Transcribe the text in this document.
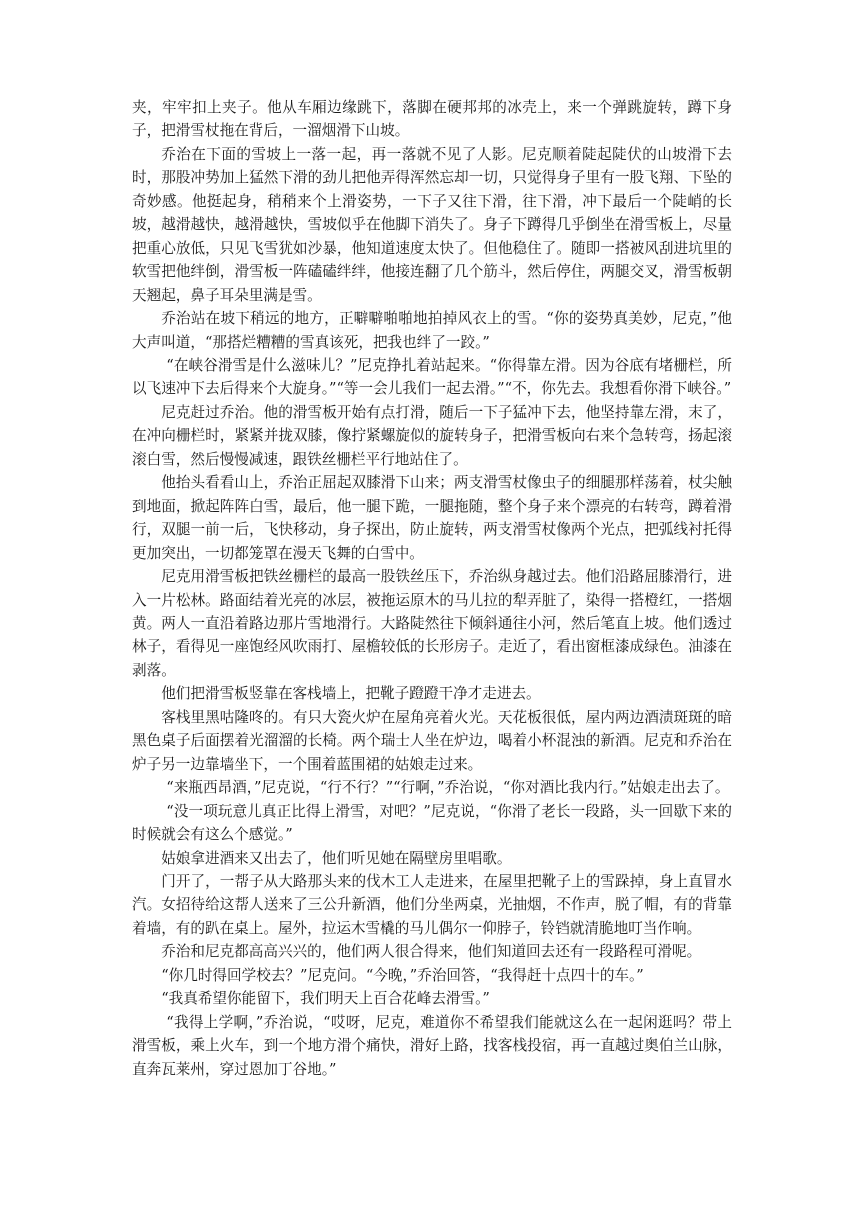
夹，牢牢扣上夹子。他从车厢边缘跳下，落脚在硬邦邦的冰壳上，来一个弹跳旋转，蹲下身子，把滑雪杖拖在背后，一溜烟滑下山坡。

乔治在下面的雪坡上一落一起，再一落就不见了人影。尼克顺着陡起陡伏的山坡滑下去时，那股冲势加上猛然下滑的劲儿把他弄得浑然忘却一切，只觉得身子里有一股飞翔、下坠的奇妙感。他挺起身，稍稍来个上滑姿势，一下子又往下滑，往下滑，冲下最后一个陡峭的长坡，越滑越快，越滑越快，雪坡似乎在他脚下消失了。身子下蹲得几乎倒坐在滑雪板上，尽量把重心放低，只见飞雪犹如沙暴，他知道速度太快了。但他稳住了。随即一搭被风刮进坑里的软雪把他绊倒，滑雪板一阵磕磕绊绊，他接连翻了几个筋斗，然后停住，两腿交叉，滑雪板朝天翘起，鼻子耳朵里满是雪。

乔治站在坡下稍远的地方，正噼噼啪啪地拍掉风衣上的雪。“你的姿势真美妙，尼克，”他大声叫道，“那搭烂糟糟的雪真该死，把我也绊了一跤。”

“在峡谷滑雪是什么滋味儿？”尼克挣扎着站起来。“你得靠左滑。因为谷底有堵栅栏，所以飞速冲下去后得来个大旋身。”“等一会儿我们一起去滑。”“不，你先去。我想看你滑下峡谷。”

尼克赶过乔治。他的滑雪板开始有点打滑，随后一下子猛冲下去，他坚持靠左滑，末了，在冲向栅栏时，紧紧并拢双膝，像拧紧螺旋似的旋转身子，把滑雪板向右来个急转弯，扬起滚滚白雪，然后慢慢减速，跟铁丝栅栏平行地站住了。

他抬头看看山上，乔治正屈起双膝滑下山来；两支滑雪杖像虫子的细腿那样荡着，杖尖触到地面，掀起阵阵白雪，最后，他一腿下跪，一腿拖随，整个身子来个漂亮的右转弯，蹲着滑行，双腿一前一后，飞快移动，身子探出，防止旋转，两支滑雪杖像两个光点，把弧线衬托得更加突出，一切都笼罩在漫天飞舞的白雪中。

尼克用滑雪板把铁丝栅栏的最高一股铁丝压下，乔治纵身越过去。他们沿路屈膝滑行，进入一片松林。路面结着光亮的冰层，被拖运原木的马儿拉的犁弄脏了，染得一搭橙红，一搭烟黄。两人一直沿着路边那片雪地滑行。大路陡然往下倾斜通往小河，然后笔直上坡。他们透过林子，看得见一座饱经风吹雨打、屋檐较低的长形房子。走近了，看出窗框漆成绿色。油漆在剥落。

他们把滑雪板竖靠在客栈墙上，把靴子蹬蹬干净才走进去。

客栈里黑咕隆咚的。有只大瓷火炉在屋角亮着火光。天花板很低，屋内两边酒渍斑斑的暗黑色桌子后面摆着光溜溜的长椅。两个瑞士人坐在炉边，喝着小杯混浊的新酒。尼克和乔治在炉子另一边靠墙坐下，一个围着蓝围裙的姑娘走过来。

“来瓶西昂酒，”尼克说，“行不行？”“行啊，”乔治说，“你对酒比我内行。”姑娘走出去了。

“没一项玩意儿真正比得上滑雪，对吧？”尼克说，“你滑了老长一段路，头一回歇下来的时候就会有这么个感觉。”

姑娘拿进酒来又出去了，他们听见她在隔壁房里唱歌。

门开了，一帮子从大路那头来的伐木工人走进来，在屋里把靴子上的雪跺掉，身上直冒水汽。女招待给这帮人送来了三公升新酒，他们分坐两桌，光抽烟，不作声，脱了帽，有的背靠着墙，有的趴在桌上。屋外，拉运木雪橇的马儿偶尔一仰脖子，铃铛就清脆地叮当作响。

乔治和尼克都高高兴兴的，他们两人很合得来，他们知道回去还有一段路程可滑呢。

“你几时得回学校去？”尼克问。“今晚，”乔治回答，“我得赶十点四十的车。”

“我真希望你能留下，我们明天上百合花峰去滑雪。”

“我得上学啊，”乔治说，“哎呀，尼克，难道你不希望我们能就这么在一起闲逛吗？带上滑雪板，乘上火车，到一个地方滑个痛快，滑好上路，找客栈投宿，再一直越过奥伯兰山脉，直奔瓦莱州，穿过恩加丁谷地。”
